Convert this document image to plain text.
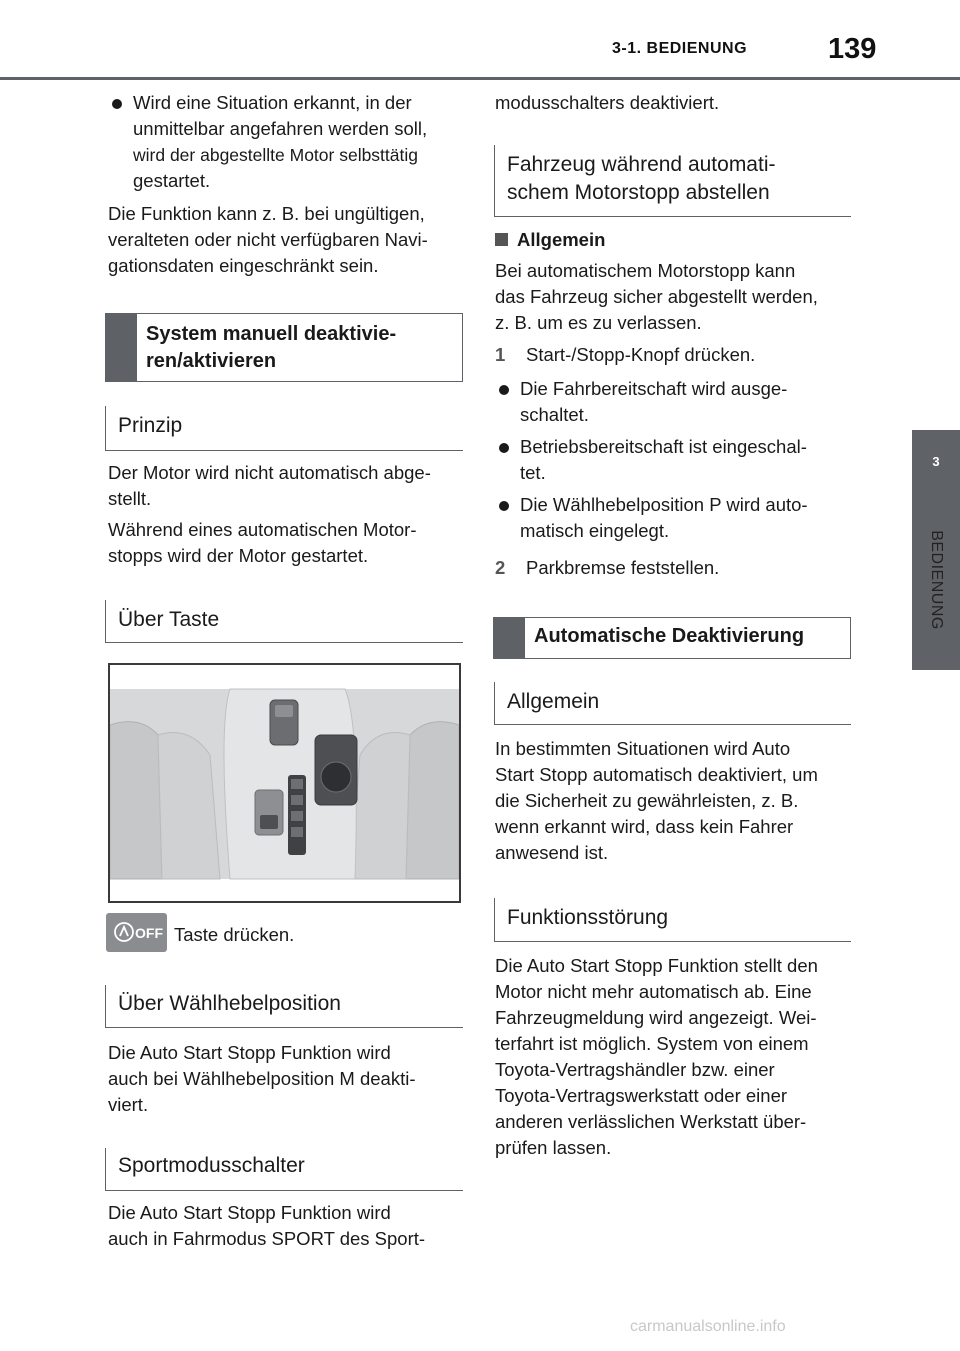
3-1. BEDIENUNG	139
3
BEDIENUNG
Wird eine Situation erkannt, in der
unmittelbar angefahren werden soll,
wird der abgestellte Motor selbsttätig
gestartet.
Die Funktion kann z. B. bei ungültigen,
veralteten oder nicht verfügbaren Navi-
gationsdaten eingeschränkt sein.
System manuell deaktivie-
ren/aktivieren
Prinzip
Der Motor wird nicht automatisch abge-
stellt.
Während eines automatischen Motor-
stopps wird der Motor gestartet.
Über Taste
OFF Taste drücken.
Über Wählhebelposition
Die Auto Start Stopp Funktion wird
auch bei Wählhebelposition M deakti-
viert.
Sportmodusschalter
Die Auto Start Stopp Funktion wird
auch in Fahrmodus SPORT des Sport-
modusschalters deaktiviert.
Fahrzeug während automati-
schem Motorstopp abstellen
Allgemein
Bei automatischem Motorstopp kann
das Fahrzeug sicher abgestellt werden,
z. B. um es zu verlassen.
1 Start-/Stopp-Knopf drücken.
Die Fahrbereitschaft wird ausge-
schaltet.
Betriebsbereitschaft ist eingeschal-
tet.
Die Wählhebelposition P wird auto-
matisch eingelegt.
2 Parkbremse feststellen.
Automatische Deaktivierung
Allgemein
In bestimmten Situationen wird Auto
Start Stopp automatisch deaktiviert, um
die Sicherheit zu gewährleisten, z. B.
wenn erkannt wird, dass kein Fahrer
anwesend ist.
Funktionsstörung
Die Auto Start Stopp Funktion stellt den
Motor nicht mehr automatisch ab. Eine
Fahrzeugmeldung wird angezeigt. Wei-
terfahrt ist möglich. System von einem
Toyota-Vertragshändler bzw. einer
Toyota-Vertragswerkstatt oder einer
anderen verlässlichen Werkstatt über-
prüfen lassen.
carmanualsonline.info
